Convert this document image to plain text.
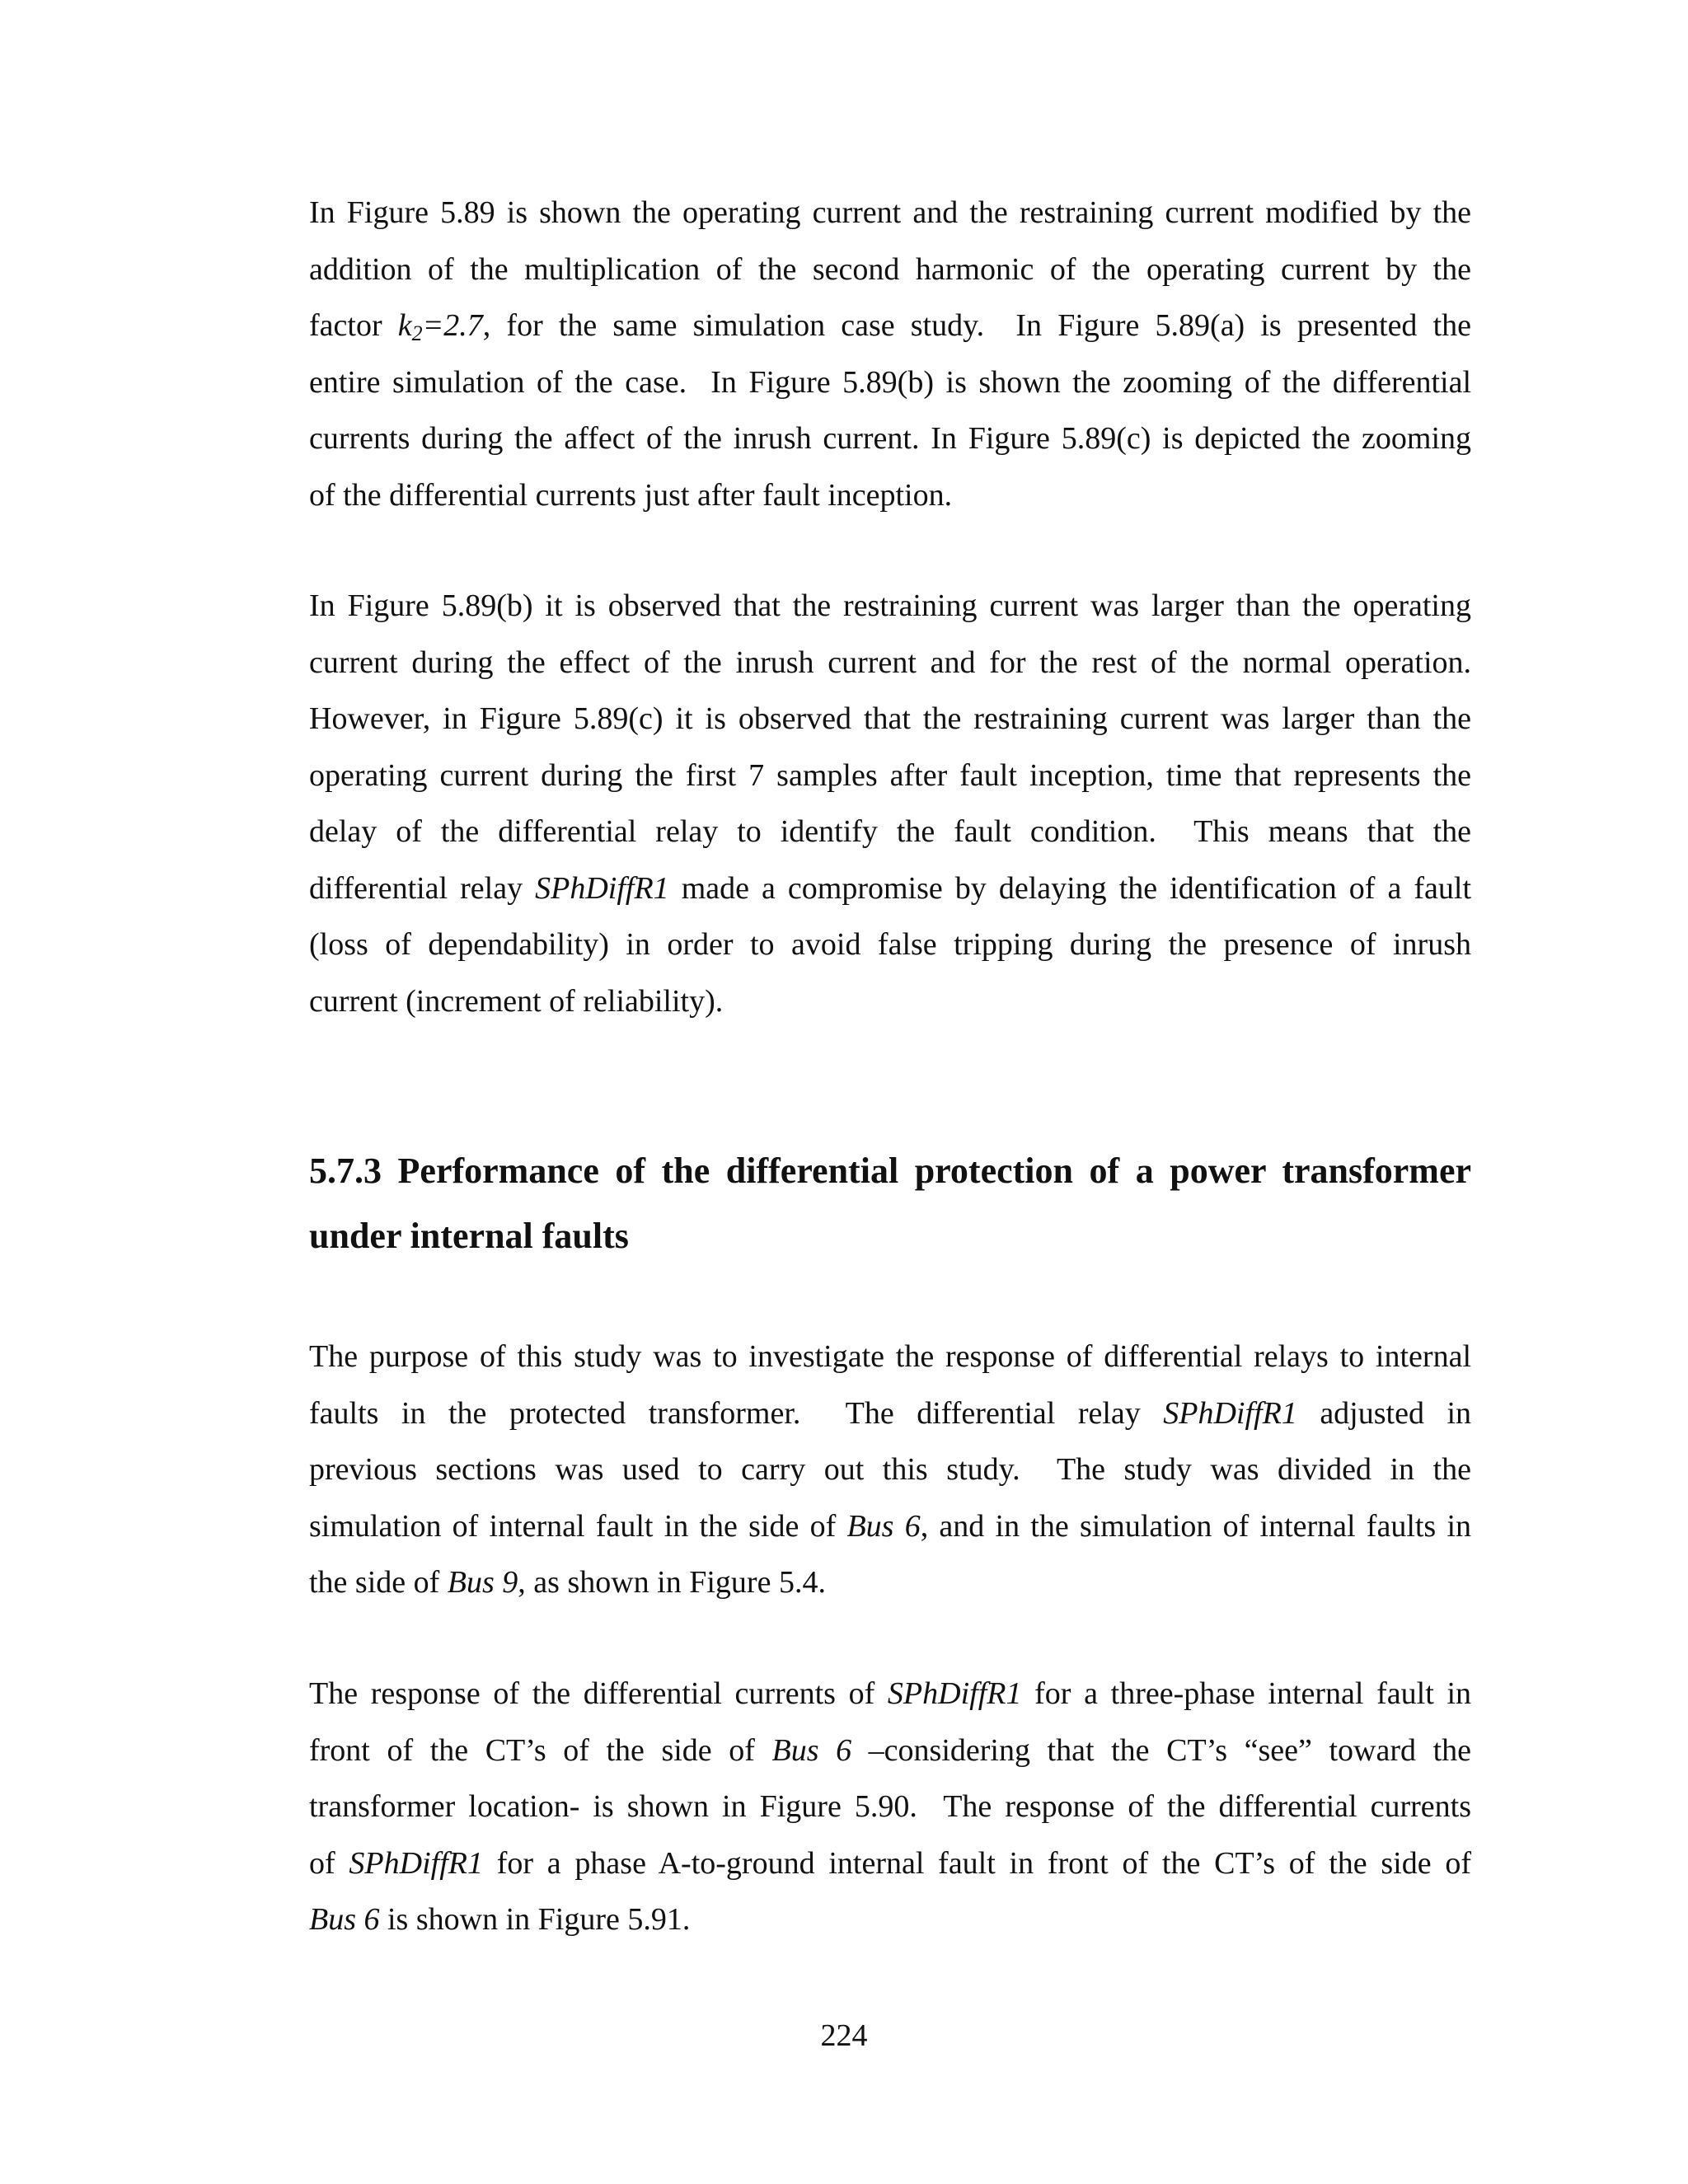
In Figure 5.89 is shown the operating current and the restraining current modified by the
addition of the multiplication of the second harmonic of the operating current by the
factor $k_2=2.7$, for the same simulation case study.  In Figure 5.89(a) is presented the
entire simulation of the case.  In Figure 5.89(b) is shown the zooming of the differential
currents during the affect of the inrush current. In Figure 5.89(c) is depicted the zooming
of the differential currents just after fault inception.
In Figure 5.89(b) it is observed that the restraining current was larger than the operating
current during the effect of the inrush current and for the rest of the normal operation.
However, in Figure 5.89(c) it is observed that the restraining current was larger than the
operating current during the first 7 samples after fault inception, time that represents the
delay of the differential relay to identify the fault condition.  This means that the
differential relay SPhDiffR1 made a compromise by delaying the identification of a fault
(loss of dependability) in order to avoid false tripping during the presence of inrush
current (increment of reliability).
5.7.3 Performance of the differential protection of a power transformer
under internal faults
The purpose of this study was to investigate the response of differential relays to internal
faults in the protected transformer.  The differential relay SPhDiffR1 adjusted in
previous sections was used to carry out this study.  The study was divided in the
simulation of internal fault in the side of Bus 6, and in the simulation of internal faults in
the side of Bus 9, as shown in Figure 5.4.
The response of the differential currents of SPhDiffR1 for a three-phase internal fault in
front of the CT’s of the side of Bus 6 –considering that the CT’s “see” toward the
transformer location- is shown in Figure 5.90.  The response of the differential currents
of SPhDiffR1 for a phase A-to-ground internal fault in front of the CT’s of the side of
Bus 6 is shown in Figure 5.91.
224
